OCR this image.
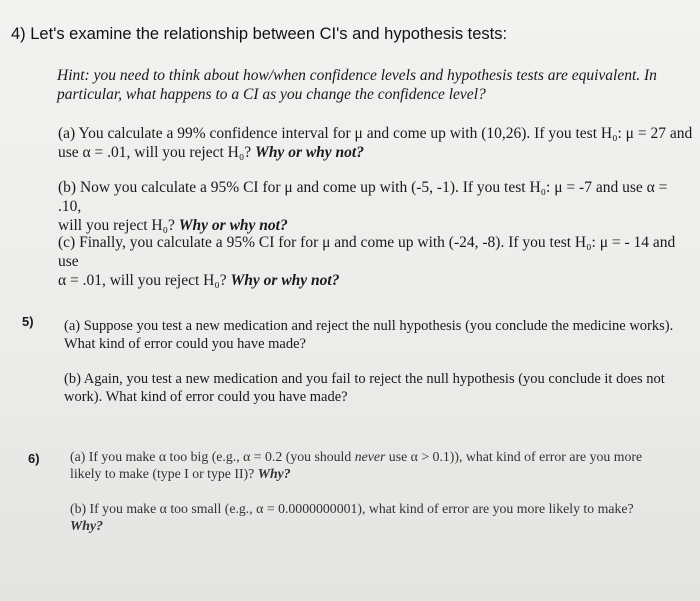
4) Let's examine the relationship between CI's and hypothesis tests:
Hint: you need to think about how/when confidence levels and hypothesis tests are equivalent. In
particular, what happens to a CI as you change the confidence level?
(a) You calculate a 99% confidence interval for μ and come up with (10,26). If you test H₀: μ = 27 and
use α = .01, will you reject H₀? Why or why not?
(b) Now you calculate a 95% CI for μ and come up with (-5, -1). If you test H₀: μ = -7 and use α = .10,
will you reject H₀? Why or why not?
(c) Finally, you calculate a 95% CI for for μ and come up with (-24, -8). If you test H₀: μ = - 14 and use
α = .01, will you reject H₀? Why or why not?
5) (a) Suppose you test a new medication and reject the null hypothesis (you conclude the medicine works).
What kind of error could you have made?
(b) Again, you test a new medication and you fail to reject the null hypothesis (you conclude it does not
work). What kind of error could you have made?
6) (a) If you make α too big (e.g., α = 0.2 (you should never use α > 0.1)), what kind of error are you more
likely to make (type I or type II)? Why?
(b) If you make α too small (e.g., α = 0.0000000001), what kind of error are you more likely to make?
Why?
